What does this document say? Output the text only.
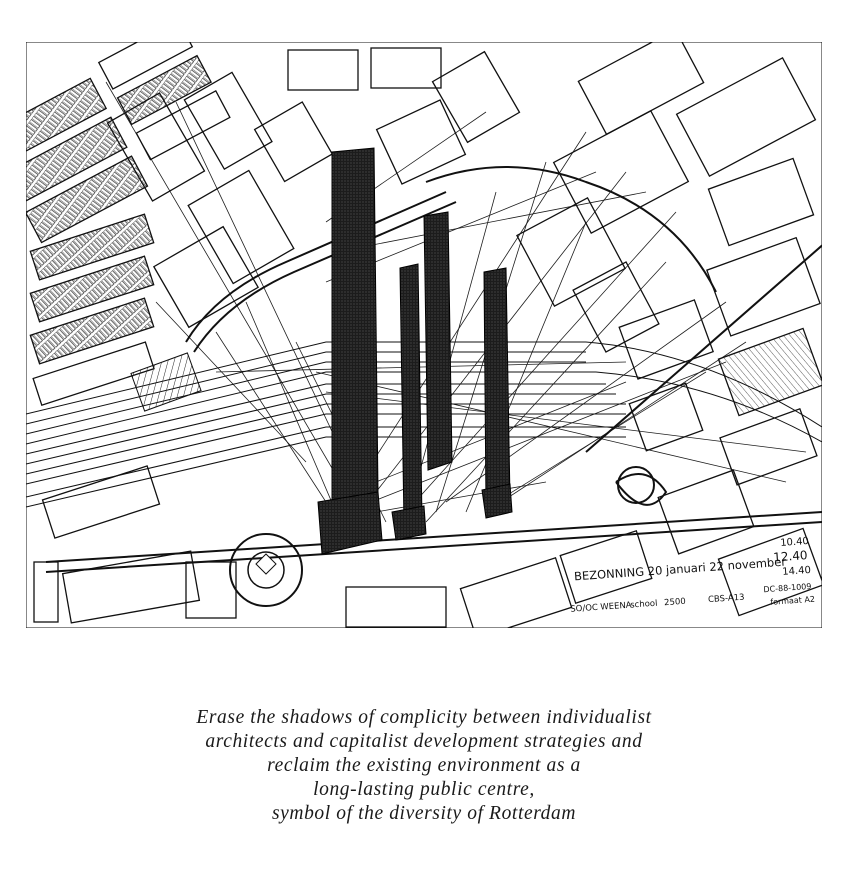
BEZONNING 20 januari 22 november
10.40
12.40
14.40
SO/OC WEENA
school 2500	CBS-A13
DC-88-1009
formaat A2
Erase the shadows of complicity between individualist
architects and capitalist development strategies and
reclaim the existing environment as a
long-lasting public centre,
symbol of the diversity of Rotterdam
